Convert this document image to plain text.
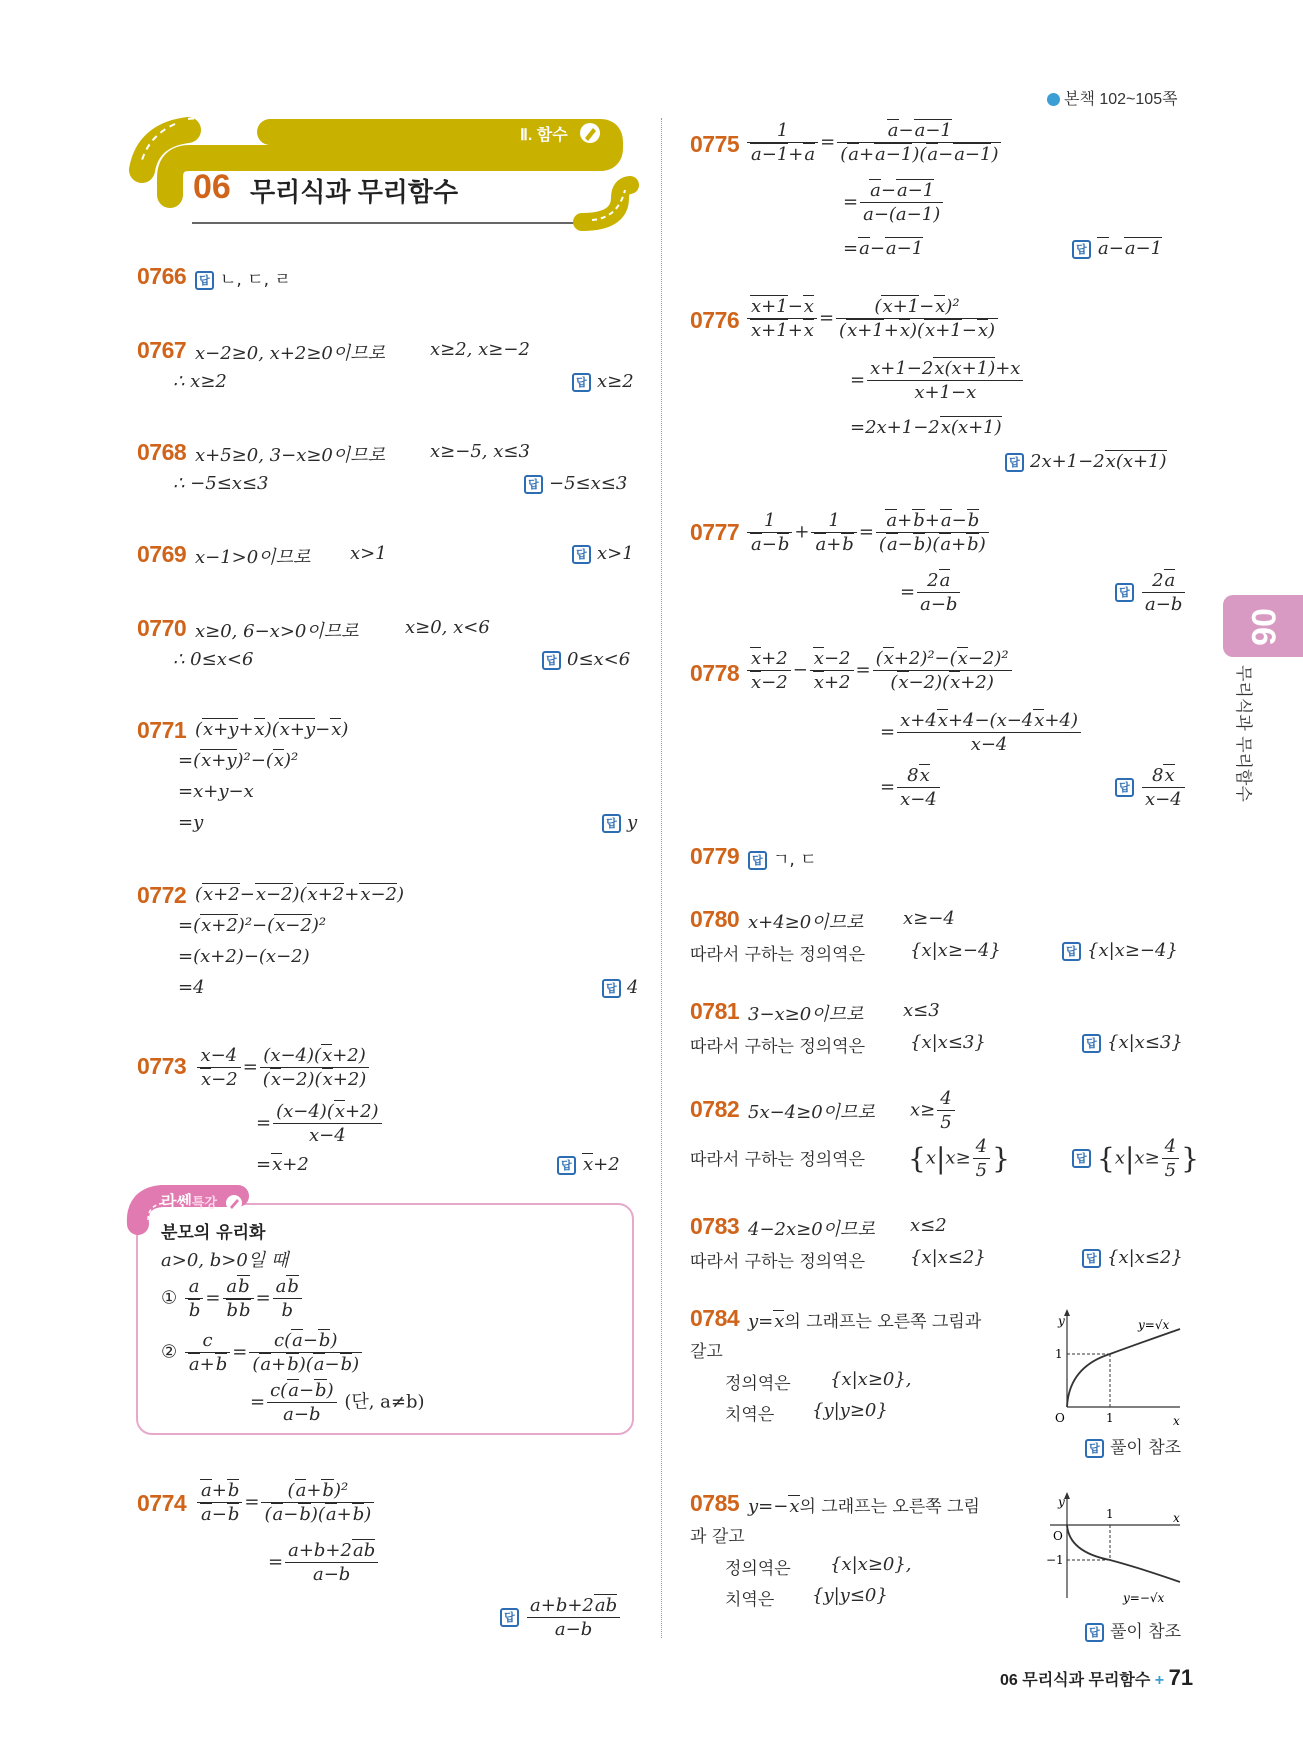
본책 102~105쪽
Ⅱ. 함수
06 무리식과 무리함수
0766	답 ㄴ, ㄷ, ㄹ
0767 x−2≥0, x+2≥0이므로 x≥2, x≥−2
∴ x≥2	답 x≥2
0768 x+5≥0, 3−x≥0이므로 x≥−5, x≤3
∴ −5≤x≤3	답 −5≤x≤3
0769 x−1>0이므로 x>1	답 x>1
0770 x≥0, 6−x>0이므로	x≥0, x<6
∴ 0≤x<6	답 0≤x<6
0771 (x+y+x)(x+y−x)
=(x+y)²−(x)²
=x+y−x
=y	답 y
0772 (x+2−x−2)(x+2+x−2)
=(x+2)²−(x−2)²
=(x+2)−(x−2)
=4	답 4
$0773 \frac{x-4}{x-2} = \frac{(x-4)(x+2)}{(x-2)(x+2)}$
= $\frac{(x-4)(x+2)}{x-4}$
=x+2	답 x+2
라쎈특강
분모의 유리화
a>0, b>0일 때
① $\frac{a}{b} = \frac{ab}{bb} = \frac{ab}{b}$
② $\frac{c}{a+b} = \frac{c(a-b)}{(a+b)(a-b)}$
= $\frac{c(a-b)}{a-b}$ (단, a≠b)
$0774 \frac{a+b}{a-b} = \frac{\text{(a+b)²}}{(a-b)(a+b)}$
= $\frac{a+b+2ab}{a-b}$
답 $\frac{a+b+2ab}{a-b}$
$0775 \frac{1}{a-1+a} = \frac{a-a-1}{(a+a-1)(a-a-1)}$
= $\frac{a-a-1}{a-(a-1)}$
=a−a−1	답 a−a−1
$0776 \frac{x+1-x}{x+1+x} = \frac{\text{(x+1−x)²}}{(x+1+x)(x+1-x)}$
= $\frac{x+1-2x(x+1)+x}{x+1-x}$
=2x+1−2x(x+1)
답 2x+1−2x(x+1)
$0777 \frac{1}{a-b} + \frac{1}{a+b} = \frac{a+b+a-b}{(a-b)(a+b)}$
= $\frac{2a}{a-b}$	답 $\frac{2a}{a-b}$
$0778 \frac{x+2}{x-2} - \frac{x-2}{x+2} = \frac{\text{(x+2)²−(x−2)²}}{(x-2)(x+2)}$
= $\frac{x+4x+4-(x-4x+4)}{x-4}$
= $\frac{8x}{x-4}$	답 $\frac{8x}{x-4}$
0779	답 ㄱ, ㄷ
0780 x+4≥0이므로 x≥−4
따라서 구하는 정의역은 {x|x≥−4}	답 {x|x≥−4}
0781 3−x≥0이므로 x≤3
따라서 구하는 정의역은 {x|x≤3}	답 {x|x≤3}
0782 5x−4≥0이므로 $x\ge \frac{4}{5}$
따라서 구하는 정의역은 {$x|x\ge \frac{4}{5}$ }	답 {$x|x\ge \frac{4}{5}$ }
0783 4−2x≥0이므로 x≤2
따라서 구하는 정의역은 {x|x≤2}	답 {x|x≤2}
0784 y=x의 그래프는 오른쪽 그림과
갈고
정의역은 {x|x≥0},
치역은 {y|y≥0}
y
x
O	1
1
y=√x
답 풀이 참조
0785 y=−x의 그래프는 오른쪽 그림
과 갈고
정의역은 {x|x≥0},
치역은 {y|y≤0}
y
x
O
1
−1
y=−√x
답 풀이 참조
06
무리식과 무리함수
06 무리식과 무리함수 + 71
